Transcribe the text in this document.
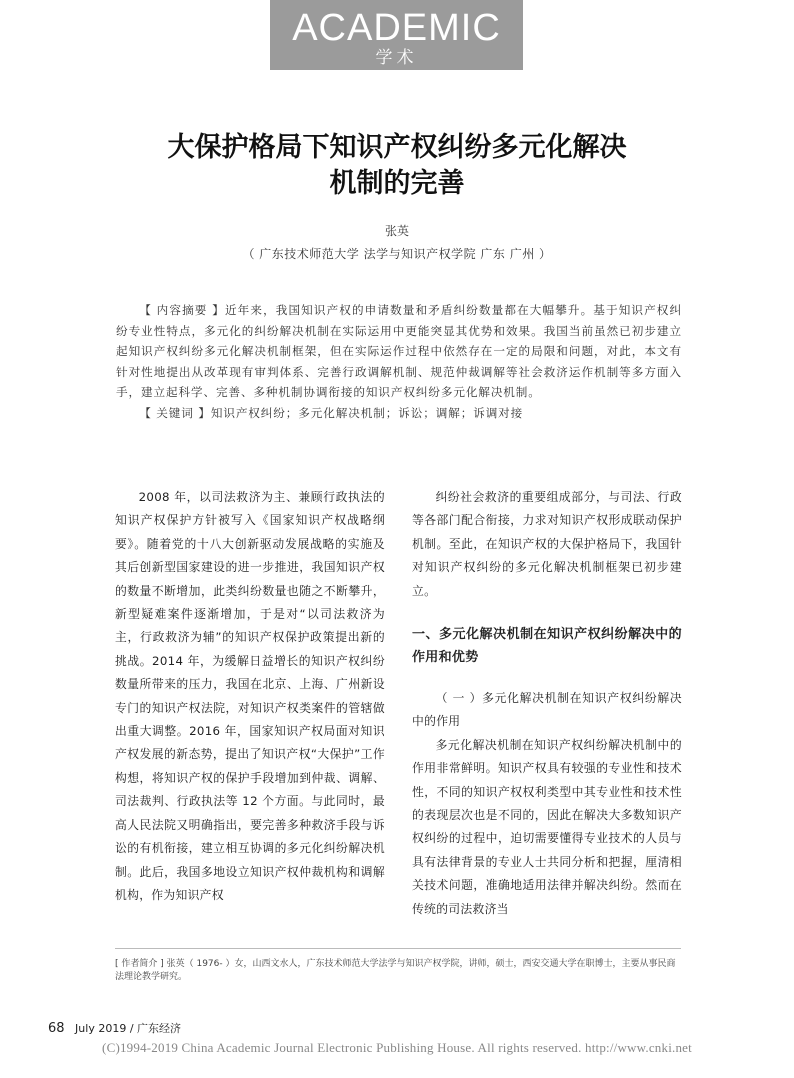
ACADEMIC
学术
大保护格局下知识产权纠纷多元化解决
机制的完善
张英
（ 广东技术师范大学 法学与知识产权学院 广东 广州 ）

【 内容摘要 】近年来，我国知识产权的申请数量和矛盾纠纷数量都在大幅攀升。基于知识产权纠纷专业性特点，多元化的纠纷解决机制在实际运用中更能突显其优势和效果。我国当前虽然已初步建立起知识产权纠纷多元化解决机制框架，但在实际运作过程中依然存在一定的局限和问题，对此，本文有针对性地提出从改革现有审判体系、完善行政调解机制、规范仲裁调解等社会救济运作机制等多方面入手，建立起科学、完善、多种机制协调衔接的知识产权纠纷多元化解决机制。

【 关键词 】知识产权纠纷；多元化解决机制；诉讼；调解；诉调对接

2008 年，以司法救济为主、兼顾行政执法的知识产权保护方针被写入《国家知识产权战略纲要》。随着党的十八大创新驱动发展战略的实施及其后创新型国家建设的进一步推进，我国知识产权的数量不断增加，此类纠纷数量也随之不断攀升，新型疑难案件逐渐增加，于是对“以司法救济为主，行政救济为辅”的知识产权保护政策提出新的挑战。2014 年，为缓解日益增长的知识产权纠纷数量所带来的压力，我国在北京、上海、广州新设专门的知识产权法院，对知识产权类案件的管辖做出重大调整。2016 年，国家知识产权局面对知识产权发展的新态势，提出了知识产权“大保护”工作构想，将知识产权的保护手段增加到仲裁、调解、司法裁判、行政执法等 12 个方面。与此同时，最高人民法院又明确指出，要完善多种救济手段与诉讼的有机衔接，建立相互协调的多元化纠纷解决机制。此后，我国多地设立知识产权仲裁机构和调解机构，作为知识产权

纠纷社会救济的重要组成部分，与司法、行政等各部门配合衔接，力求对知识产权形成联动保护机制。至此，在知识产权的大保护格局下，我国针对知识产权纠纷的多元化解决机制框架已初步建立。

一、多元化解决机制在知识产权纠纷解决中的作用和优势

（ 一 ）多元化解决机制在知识产权纠纷解决中的作用

多元化解决机制在知识产权纠纷解决机制中的作用非常鲜明。知识产权具有较强的专业性和技术性，不同的知识产权权利类型中其专业性和技术性的表现层次也是不同的，因此在解决大多数知识产权纠纷的过程中，迫切需要懂得专业技术的人员与具有法律背景的专业人士共同分析和把握，厘清相关技术问题，准确地适用法律并解决纠纷。然而在传统的司法救济当

[ 作者简介 ] 张英（ 1976- ）女，山西文水人，广东技术师范大学法学与知识产权学院，讲师，硕士，西安交通大学在职博士，主要从事民商法理论教学研究。
68 July 2019 / 广东经济
(C)1994-2019 China Academic Journal Electronic Publishing House. All rights reserved. http://www.cnki.net
